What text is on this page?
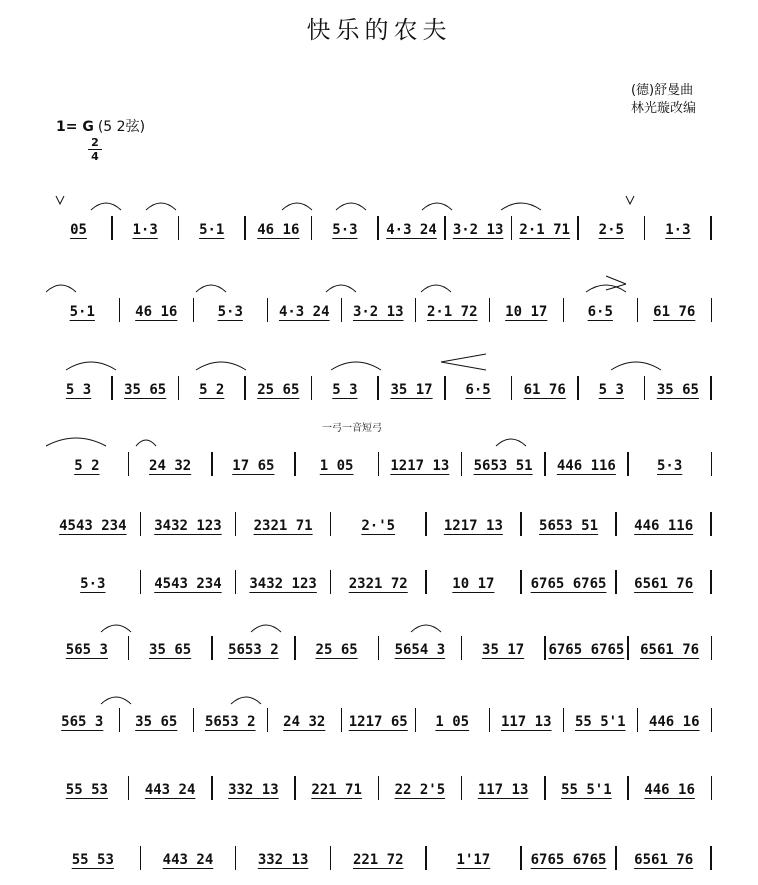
快乐的农夫
(德)舒曼曲
林光璇改编
1= G (5 2弦)
2
4
一弓一音短弓
05	1·3	5·1	46 16	5·3	4·3 24	3·2 13	2·1 71	2·5	1·3
5·1	46 16	5·3	4·3 24	3·2 13	2·1 72	10 17	6·5	61 76
5 3	35 65	5 2	25 65	5 3	35 17	6·5	61 76	5 3	35 65
5 2	24 32	17 65	1 05	1217 13	5653 51	446 116	5·3
4543 234	3432 123	2321 71	2·'5	1217 13	5653 51	446 116
5·3	4543 234	3432 123	2321 72	10 17	6765 6765	6561 76
565 3	35 65	5653 2	25 65	5654 3	35 17	6765 6765	6561 76
565 3	35 65	5653 2	24 32	1217 65	1 05	117 13	55 5'1	446 16
55 53	443 24	332 13	221 71	22 2'5	117 13	55 5'1	446 16
55 53	443 24	332 13	221 72	1'17	6765 6765	6561 76
